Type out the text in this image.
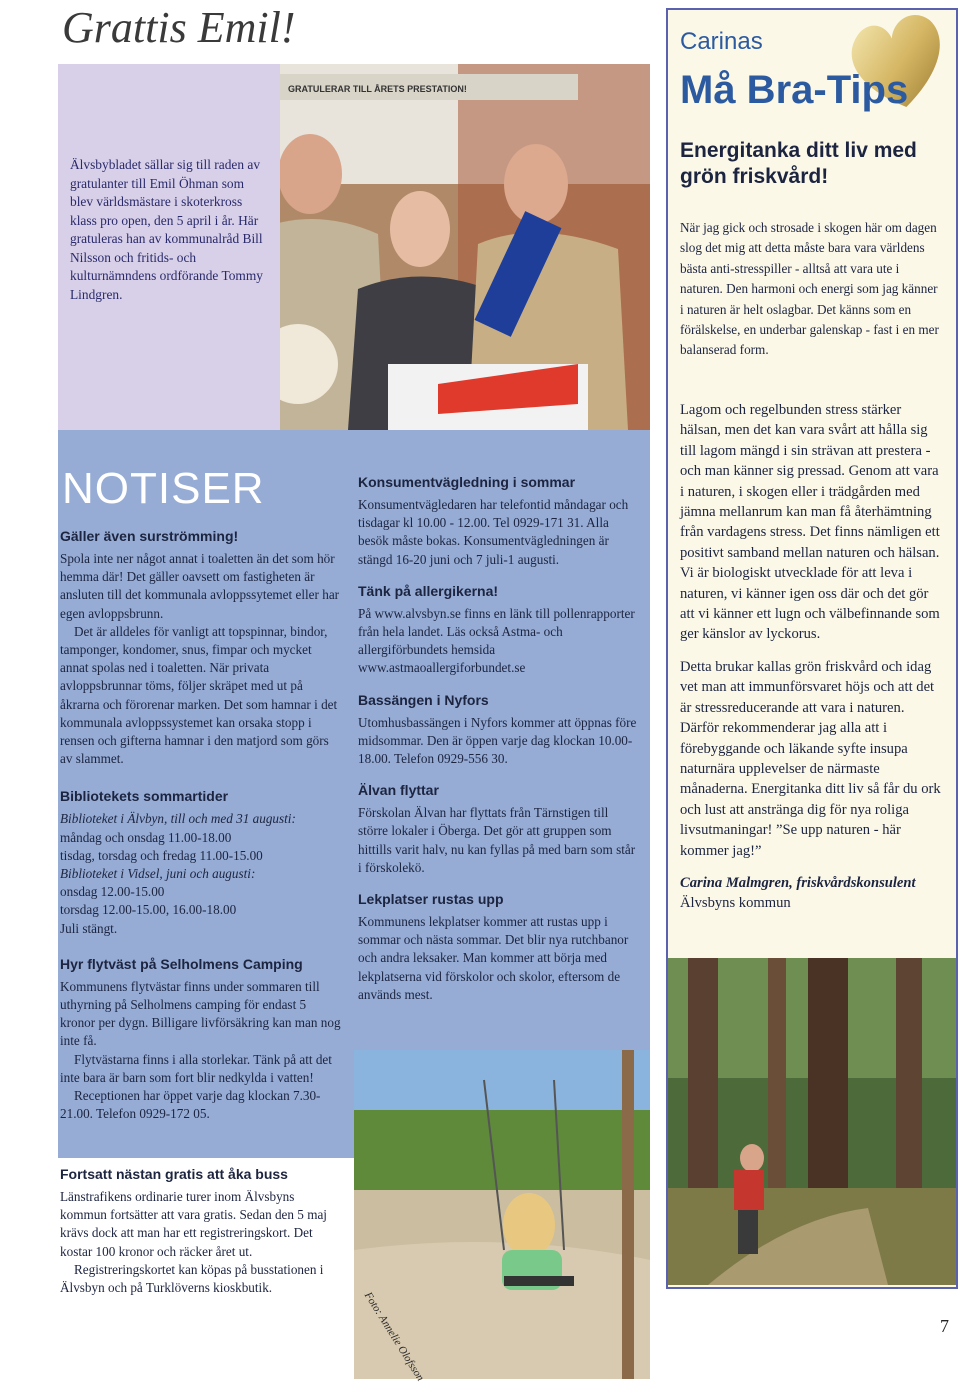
Grattis Emil!
GRATULERAR TILL ÅRETS PRESTATION!
Älvsbybladet sällar sig till raden av gratulanter till Emil Öhman som blev världsmästare i skoterkross klass pro open, den 5 april i år. Här gratuleras han av kommunalråd Bill Nilsson och fritids- och kulturnämndens ordförande Tommy Lindgren.
NOTISER
Gäller även surströmming!

Spola inte ner något annat i toaletten än det som hör hemma där! Det gäller oavsett om fastigheten är ansluten till det kommunala avloppssytemet eller har egen avloppsbrunn.

Det är alldeles för vanligt att topspinnar, bindor, tamponger, kondomer, snus, fimpar och mycket annat spolas ned i toaletten. När privata avloppsbrunnar töms, följer skräpet med ut på åkrarna och förorenar marken. Det som hamnar i det kommunala avloppssystemet kan orsaka stopp i rensen och gifterna hamnar i den matjord som görs av slammet.

Bibliotekets sommartider

Biblioteket i Älvbyn, till och med 31 augusti:

måndag och onsdag 11.00-18.00

tisdag, torsdag och fredag 11.00-15.00

Biblioteket i Vidsel, juni och augusti:

onsdag 12.00-15.00

torsdag 12.00-15.00, 16.00-18.00

Juli stängt.

Hyr flytväst på Selholmens Camping

Kommunens flytvästar finns under sommaren till uthyrning på Selholmens camping för endast 5 kronor per dygn. Billigare livförsäkring kan man nog inte få.

Flytvästarna finns i alla storlekar. Tänk på att det inte bara är barn som fort blir nedkylda i vatten!

Receptionen har öppet varje dag klockan 7.30-21.00. Telefon 0929-172 05.

Fortsatt nästan gratis att åka buss

Länstrafikens ordinarie turer inom Älvsbyns kommun fortsätter att vara gratis. Sedan den 5 maj krävs dock att man har ett registreringskort. Det kostar 100 kronor och räcker året ut.

Registreringskortet kan köpas på busstationen i Älvsbyn och på Turklöverns kioskbutik.

Konsumentvägledning i sommar

Konsumentvägledaren har telefontid måndagar och tisdagar kl 10.00 - 12.00. Tel 0929-171 31. Alla besök måste bokas. Konsumentvägledningen är stängd 16-20 juni och 7 juli-1 augusti.

Tänk på allergikerna!

På www.alvsbyn.se finns en länk till pollenrapporter från hela landet. Läs också Astma- och allergiförbundets hemsida www.astmaoallergiforbundet.se

Bassängen i Nyfors

Utomhusbassängen i Nyfors kommer att öppnas före midsommar. Den är öppen varje dag klockan 10.00-18.00. Telefon 0929-556 30.

Älvan flyttar

Förskolan Älvan har flyttats från Tärnstigen till större lokaler i Öberga. Det gör att gruppen som hittills varit halv, nu kan fyllas på med barn som står i förskolekö.

Lekplatser rustas upp

Kommunens lekplatser kommer att rustas upp i sommar och nästa sommar. Det blir nya rutchbanor och andra leksaker. Man kommer att börja med lekplatserna vid förskolor och skolor, eftersom de används mest.

Foto: Annelie Olofsson
Carinas
Må Bra-Tips
Energitanka ditt liv med grön friskvård!
När jag gick och strosade i skogen här om dagen slog det mig att detta måste bara vara världens bästa anti-stresspiller - alltså att vara ute i naturen. Den harmoni och energi som jag känner i naturen är helt oslagbar. Det känns som en förälskelse, en underbar galenskap - fast i en mer balanserad form.

Lagom och regelbunden stress stärker hälsan, men det kan vara svårt att hålla sig till lagom mängd i sin strävan att prestera - och man känner sig pressad. Genom att vara i naturen, i skogen eller i trädgården med jämna mellanrum kan man få återhämtning från vardagens stress. Det finns nämligen ett positivt samband mellan naturen och hälsan. Vi är biologiskt utvecklade för att leva i naturen, vi känner igen oss där och det gör att vi känner ett lugn och välbefinnande som ger känslor av lyckorus.

Detta brukar kallas grön friskvård och idag vet man att immunförsvaret höjs och att det är stressreducerande att vara i naturen. Därför rekommenderar jag alla att i förebyggande och läkande syfte insupa naturnära upplevelser de närmaste månaderna. Energitanka ditt liv så får du ork och lust att anstränga dig för nya roliga livsutmaningar! ”Se upp naturen - här kommer jag!”

Carina Malmgren, friskvårdskonsulent

Älvsbyns kommun

7
